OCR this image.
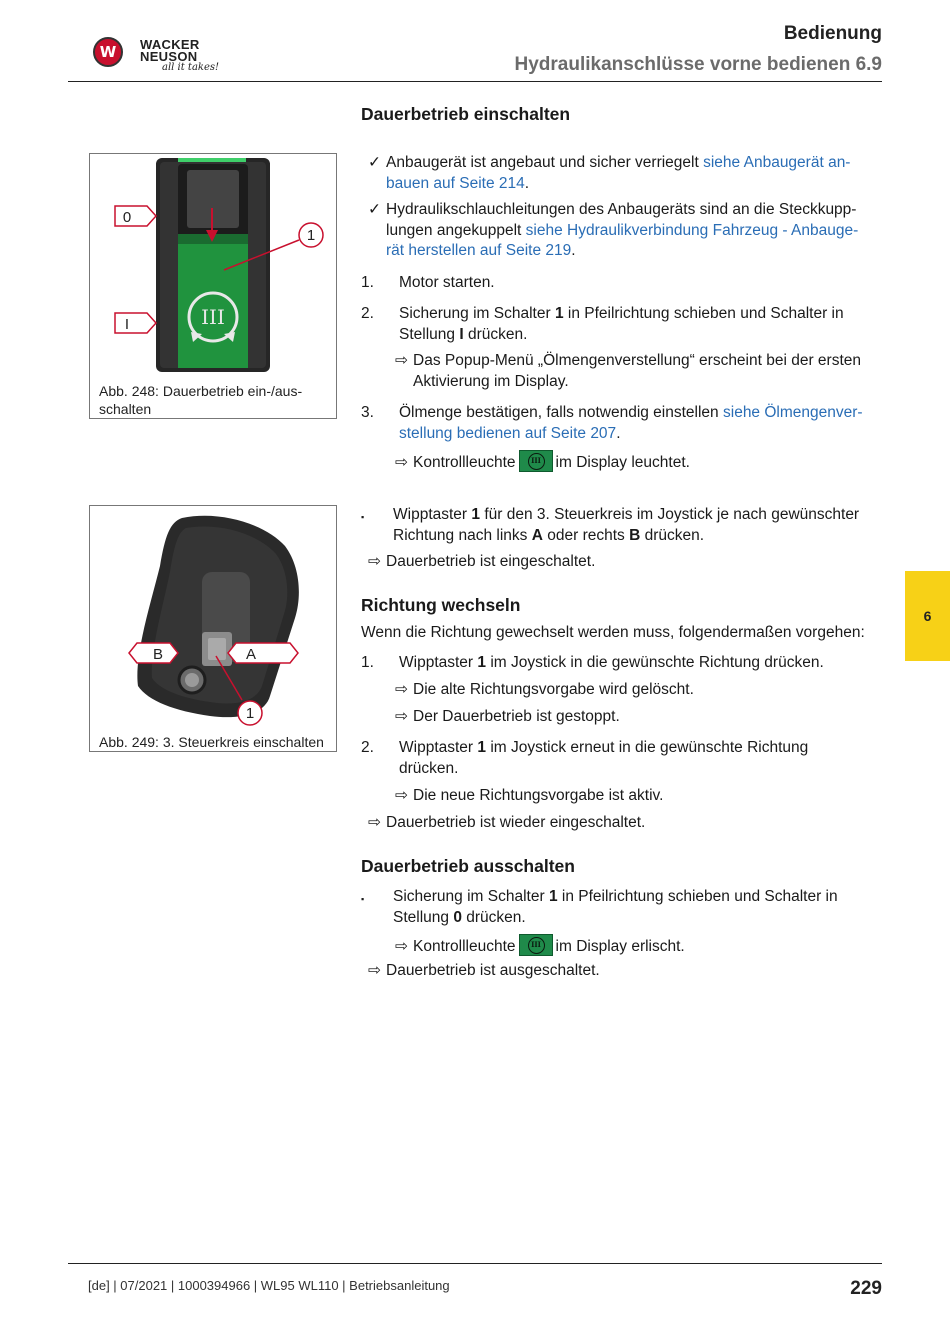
W	WACKER
NEUSON
all it takes!
Bedienung
Hydraulikanschlüsse vorne bedienen 6.9
6
III
0
I
1
Abb. 248: Dauerbetrieb ein-/aus-
schalten
B	A
1
Abb. 249: 3. Steuerkreis einschalten
Dauerbetrieb einschalten
✓ Anbaugerät ist angebaut und sicher verriegelt siehe Anbaugerät an-
bauen auf Seite 214.
✓ Hydraulikschlauchleitungen des Anbaugeräts sind an die Steckkupp-
lungen angekuppelt siehe Hydraulikverbindung Fahrzeug - Anbauge-
rät herstellen auf Seite 219.
1. Motor starten.
2. Sicherung im Schalter 1 in Pfeilrichtung schieben und Schalter in
Stellung I drücken.
⇨ Das Popup-Menü „Ölmengenverstellung“ erscheint bei der ersten
Aktivierung im Display.
3. Ölmenge bestätigen, falls notwendig einstellen siehe Ölmengenver-
stellung bedienen auf Seite 207.
⇨ Kontrollleuchte	III im Display leuchtet.
▪ Wipptaster 1 für den 3. Steuerkreis im Joystick je nach gewünschter
Richtung nach links A oder rechts B drücken.
⇨ Dauerbetrieb ist eingeschaltet.
Richtung wechseln
Wenn die Richtung gewechselt werden muss, folgendermaßen vorgehen:
1. Wipptaster 1 im Joystick in die gewünschte Richtung drücken.
⇨ Die alte Richtungsvorgabe wird gelöscht.
⇨ Der Dauerbetrieb ist gestoppt.
2. Wipptaster 1 im Joystick erneut in die gewünschte Richtung
drücken.
⇨ Die neue Richtungsvorgabe ist aktiv.
⇨ Dauerbetrieb ist wieder eingeschaltet.
Dauerbetrieb ausschalten
▪ Sicherung im Schalter 1 in Pfeilrichtung schieben und Schalter in
Stellung 0 drücken.
⇨ Kontrollleuchte	III im Display erlischt.
⇨ Dauerbetrieb ist ausgeschaltet.
[de] | 07/2021 | 1000394966 | WL95 WL110 | Betriebsanleitung	229
